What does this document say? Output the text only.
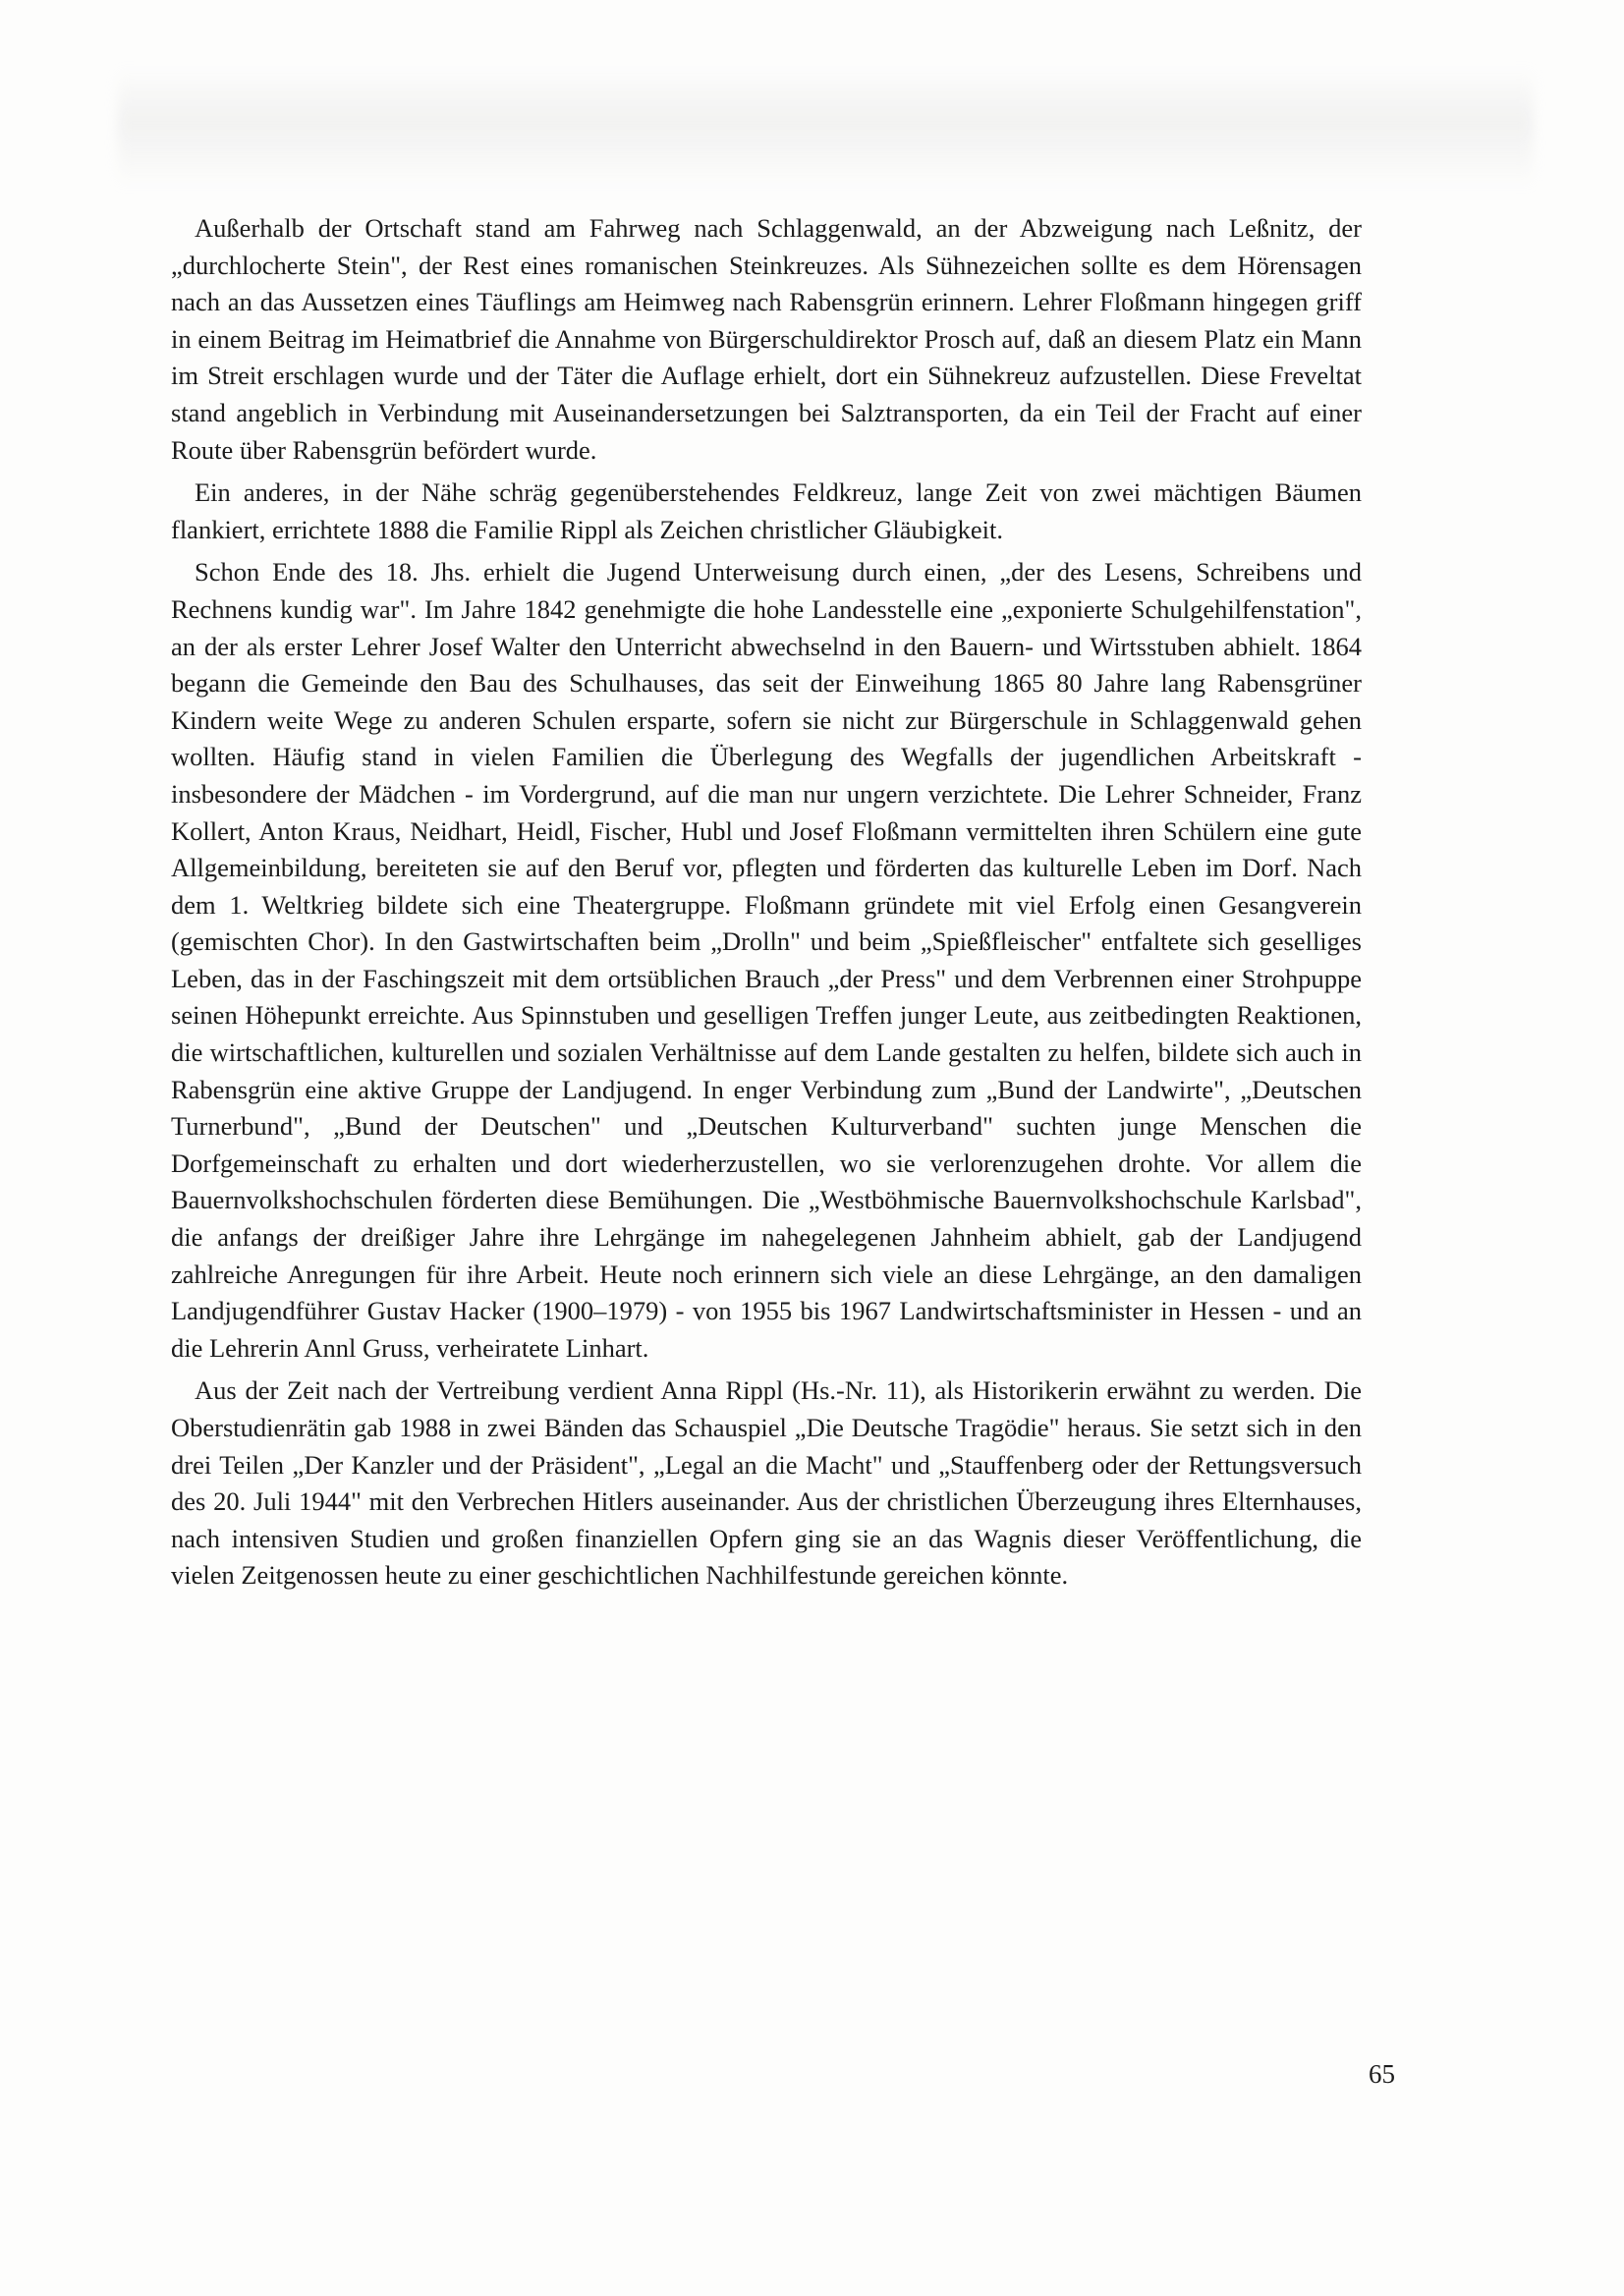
Außerhalb der Ortschaft stand am Fahrweg nach Schlaggenwald, an der Abzweigung nach Leßnitz, der „durchlocherte Stein", der Rest eines romanischen Steinkreuzes. Als Sühnezeichen sollte es dem Hörensagen nach an das Aussetzen eines Täuflings am Heimweg nach Rabensgrün erinnern. Lehrer Floßmann hingegen griff in einem Beitrag im Heimatbrief die Annahme von Bürgerschuldirektor Prosch auf, daß an diesem Platz ein Mann im Streit erschlagen wurde und der Täter die Auflage erhielt, dort ein Sühnekreuz aufzustellen. Diese Freveltat stand angeblich in Verbindung mit Auseinandersetzungen bei Salztransporten, da ein Teil der Fracht auf einer Route über Rabensgrün befördert wurde.

Ein anderes, in der Nähe schräg gegenüberstehendes Feldkreuz, lange Zeit von zwei mächtigen Bäumen flankiert, errichtete 1888 die Familie Rippl als Zeichen christlicher Gläubigkeit.

Schon Ende des 18. Jhs. erhielt die Jugend Unterweisung durch einen, „der des Lesens, Schreibens und Rechnens kundig war". Im Jahre 1842 genehmigte die hohe Landesstelle eine „exponierte Schulgehilfenstation", an der als erster Lehrer Josef Walter den Unterricht abwechselnd in den Bauern- und Wirtsstuben abhielt. 1864 begann die Gemeinde den Bau des Schulhauses, das seit der Einweihung 1865 80 Jahre lang Rabensgrüner Kindern weite Wege zu anderen Schulen ersparte, sofern sie nicht zur Bürgerschule in Schlaggenwald gehen wollten. Häufig stand in vielen Familien die Überlegung des Wegfalls der jugendlichen Arbeitskraft - insbesondere der Mädchen - im Vordergrund, auf die man nur ungern verzichtete. Die Lehrer Schneider, Franz Kollert, Anton Kraus, Neidhart, Heidl, Fischer, Hubl und Josef Floßmann vermittelten ihren Schülern eine gute Allgemeinbildung, bereiteten sie auf den Beruf vor, pflegten und förderten das kulturelle Leben im Dorf. Nach dem 1. Weltkrieg bildete sich eine Theatergruppe. Floßmann gründete mit viel Erfolg einen Gesangverein (gemischten Chor). In den Gastwirtschaften beim „Drolln" und beim „Spießfleischer" entfaltete sich geselliges Leben, das in der Faschingszeit mit dem ortsüblichen Brauch „der Press" und dem Verbrennen einer Strohpuppe seinen Höhepunkt erreichte. Aus Spinnstuben und geselligen Treffen junger Leute, aus zeitbedingten Reaktionen, die wirtschaftlichen, kulturellen und sozialen Verhältnisse auf dem Lande gestalten zu helfen, bildete sich auch in Rabensgrün eine aktive Gruppe der Landjugend. In enger Verbindung zum „Bund der Landwirte", „Deutschen Turnerbund", „Bund der Deutschen" und „Deutschen Kulturverband" suchten junge Menschen die Dorfgemeinschaft zu erhalten und dort wiederherzustellen, wo sie verlorenzugehen drohte. Vor allem die Bauernvolkshochschulen förderten diese Bemühungen. Die „Westböhmische Bauernvolkshochschule Karlsbad", die anfangs der dreißiger Jahre ihre Lehrgänge im nahegelegenen Jahnheim abhielt, gab der Landjugend zahlreiche Anregungen für ihre Arbeit. Heute noch erinnern sich viele an diese Lehrgänge, an den damaligen Landjugendführer Gustav Hacker (1900–1979) - von 1955 bis 1967 Landwirtschaftsminister in Hessen - und an die Lehrerin Annl Gruss, verheiratete Linhart.

Aus der Zeit nach der Vertreibung verdient Anna Rippl (Hs.-Nr. 11), als Historikerin erwähnt zu werden. Die Oberstudienrätin gab 1988 in zwei Bänden das Schauspiel „Die Deutsche Tragödie" heraus. Sie setzt sich in den drei Teilen „Der Kanzler und der Präsident", „Legal an die Macht" und „Stauffenberg oder der Rettungsversuch des 20. Juli 1944" mit den Verbrechen Hitlers auseinander. Aus der christlichen Überzeugung ihres Elternhauses, nach intensiven Studien und großen finanziellen Opfern ging sie an das Wagnis dieser Veröffentlichung, die vielen Zeitgenossen heute zu einer geschichtlichen Nachhilfestunde gereichen könnte.

65
